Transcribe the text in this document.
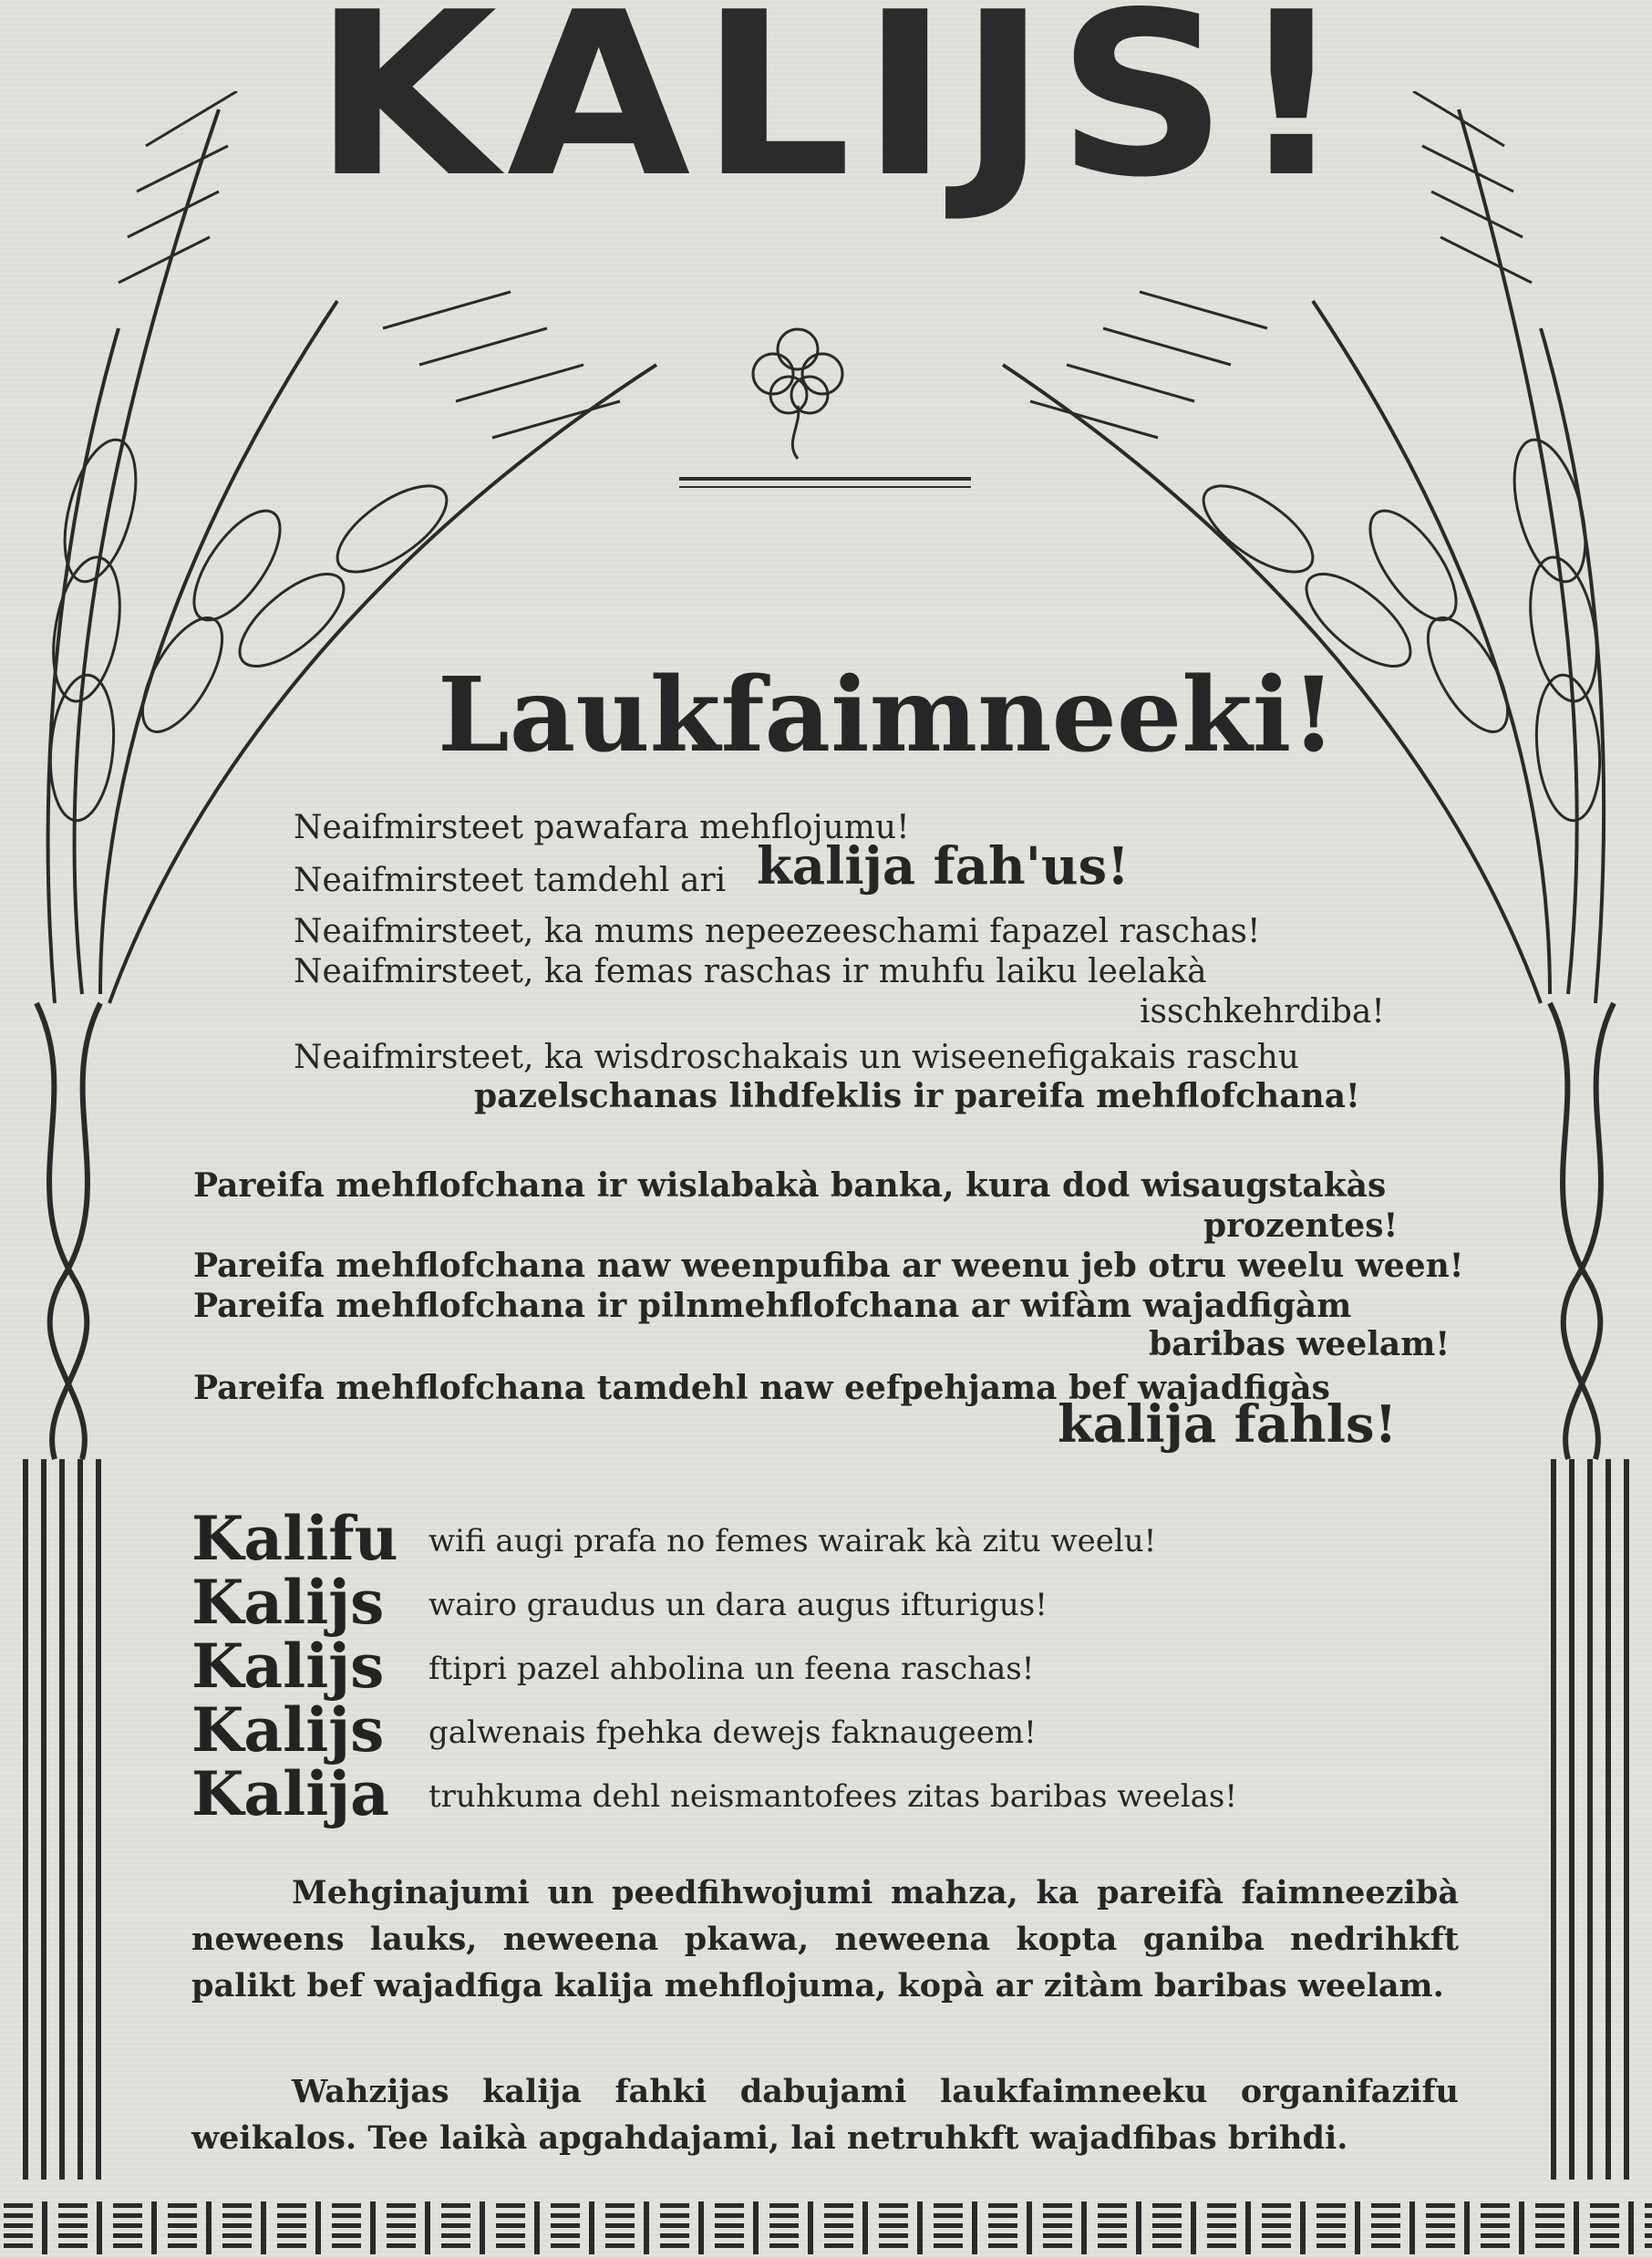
KALIJS!
Laukfaimneeki!
Neaifmirsteet pawafara mehflojumu!
Neaifmirsteet tamdehl ari kalija fah'us!
Neaifmirsteet, ka mums nepeezeeschami fapazel raschas!
Neaifmirsteet, ka femas raschas ir muhfu laiku leelakà
isschkehrdiba!
Neaifmirsteet, ka wisdroschakais un wiseenefigakais raschu
pazelschanas lihdfeklis ir pareifa mehflofchana!
Pareifa mehflofchana ir wislabakà banka, kura dod wisaugstakàs
prozentes!
Pareifa mehflofchana naw weenpufiba ar weenu jeb otru weelu ween!
Pareifa mehflofchana ir pilnmehflofchana ar wifàm wajadfigàm
baribas weelam!
Pareifa mehflofchana tamdehl naw eefpehjama bef wajadfigàs
kalija fahls!
Kalifu wifi augi prafa no femes wairak kà zitu weelu!
Kalijs wairo graudus un dara augus ifturigus!
Kalijs ftipri pazel ahbolina un feena raschas!
Kalijs galwenais fpehka dewejs faknaugeem!
Kalija truhkuma dehl neismantofees zitas baribas weelas!
Mehginajumi un peedfihwojumi mahza, ka pareifà faimneezibà neweens lauks, neweena pkawa, neweena kopta ganiba nedrihkft palikt bef wajadfiga kalija mehflojuma, kopà ar zitàm baribas weelam.
Wahzijas kalija fahki dabujami laukfaimneeku organifazifu weikalos. Tee laikà apgahdajami, lai netruhkft wajadfibas brihdi.
